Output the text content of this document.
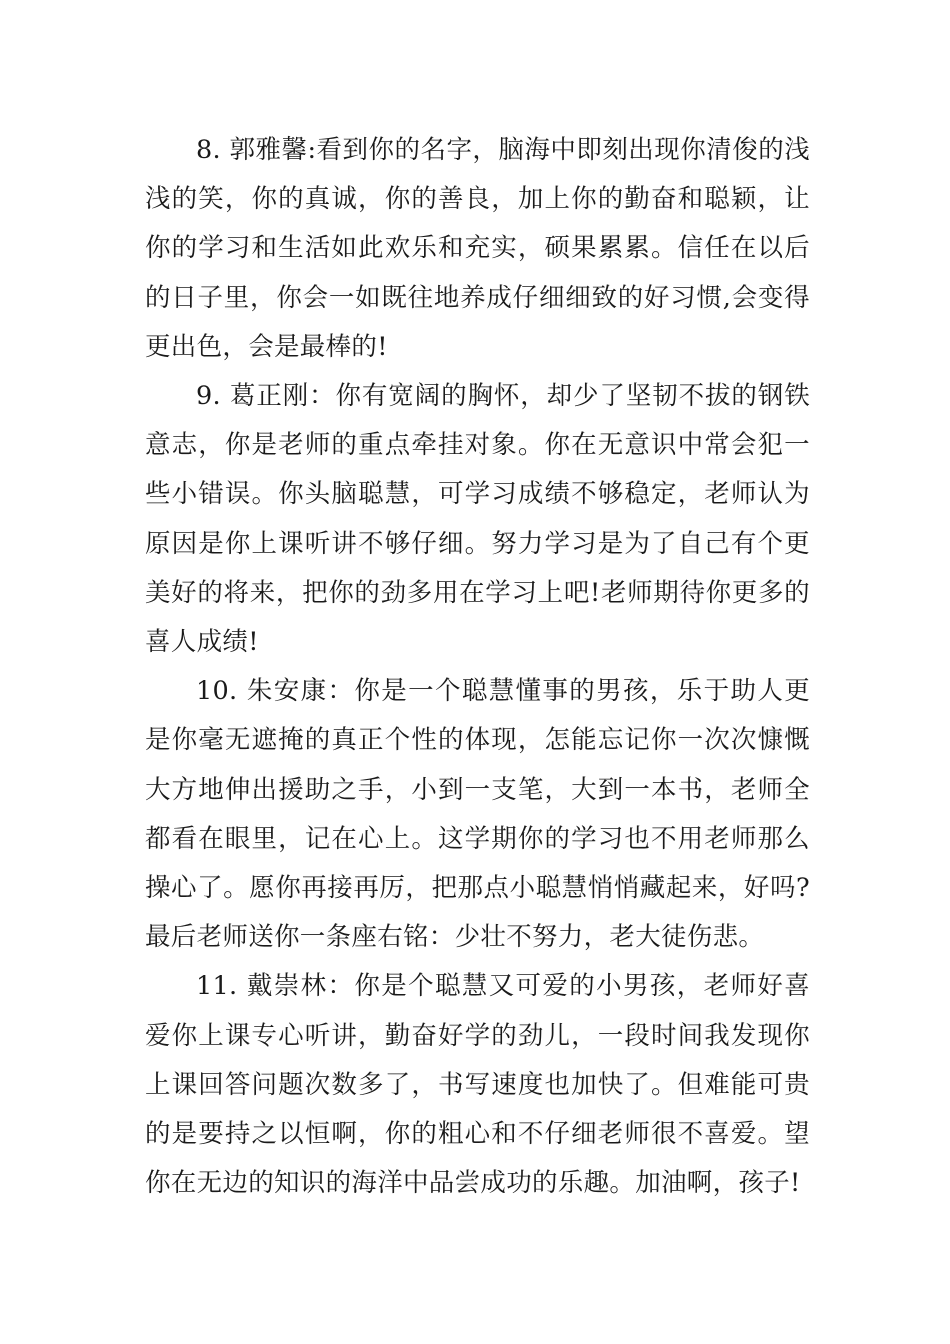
8. 郭雅馨:看到你的名字，脑海中即刻出现你清俊的浅浅的笑，你的真诚，你的善良，加上你的勤奋和聪颖，让你的学习和生活如此欢乐和充实，硕果累累。信任在以后的日子里，你会一如既往地养成仔细细致的好习惯,会变得更出色，会是最棒的!

9. 葛正刚：你有宽阔的胸怀，却少了坚韧不拔的钢铁意志，你是老师的重点牵挂对象。你在无意识中常会犯一些小错误。你头脑聪慧，可学习成绩不够稳定，老师认为原因是你上课听讲不够仔细。努力学习是为了自己有个更美好的将来，把你的劲多用在学习上吧!老师期待你更多的喜人成绩!

10. 朱安康：你是一个聪慧懂事的男孩，乐于助人更是你毫无遮掩的真正个性的体现，怎能忘记你一次次慷慨大方地伸出援助之手，小到一支笔，大到一本书，老师全都看在眼里，记在心上。这学期你的学习也不用老师那么操心了。愿你再接再厉，把那点小聪慧悄悄藏起来，好吗?最后老师送你一条座右铭：少壮不努力，老大徒伤悲。

11. 戴崇林：你是个聪慧又可爱的小男孩，老师好喜爱你上课专心听讲，勤奋好学的劲儿，一段时间我发现你上课回答问题次数多了，书写速度也加快了。但难能可贵的是要持之以恒啊，你的粗心和不仔细老师很不喜爱。望你在无边的知识的海洋中品尝成功的乐趣。加油啊，孩子!
